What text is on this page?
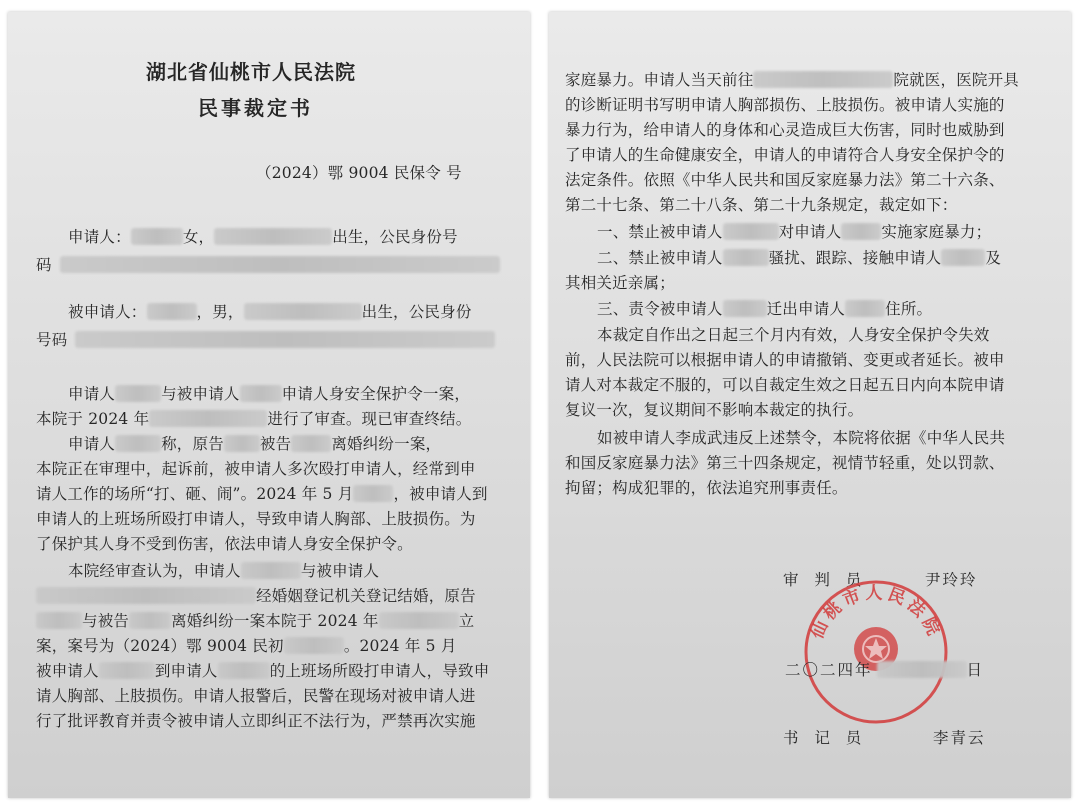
湖北省仙桃市人民法院
民事裁定书
（2024）鄂 9004 民保令 号
申请人：	女，	出生，公民身份号
码
被申请人：	，男，	出生，公民身份
号码
申请人	与被申请人	申请人身安全保护令一案，
本院于 2024 年	进行了审查。现已审查终结。
申请人	称，原告 被告	离婚纠纷一案，
本院正在审理中，起诉前，被申请人多次殴打申请人，经常到申
请人工作的场所“打、砸、闹”。2024 年 5 月	，被申请人到
申请人的上班场所殴打申请人，导致申请人胸部、上肢损伤。为
了保护其人身不受到伤害，依法申请人身安全保护令。
本院经审查认为，申请人	与被申请人
经婚姻登记机关登记结婚，原告
与被告	离婚纠纷一案本院于 2024 年	立
案，案号为（2024）鄂 9004 民初	。2024 年 5 月
被申请人	到申请人	的上班场所殴打申请人，导致申
请人胸部、上肢损伤。申请人报警后，民警在现场对被申请人进
行了批评教育并责令被申请人立即纠正不法行为，严禁再次实施
家庭暴力。申请人当天前往	院就医，医院开具
的诊断证明书写明申请人胸部损伤、上肢损伤。被申请人实施的
暴力行为，给申请人的身体和心灵造成巨大伤害，同时也威胁到
了申请人的生命健康安全，申请人的申请符合人身安全保护令的
法定条件。依照《中华人民共和国反家庭暴力法》第二十六条、
第二十七条、第二十八条、第二十九条规定，裁定如下：
一、禁止被申请人	对申请人	实施家庭暴力；
二、禁止被申请人	骚扰、跟踪、接触申请人	及
其相关近亲属；
三、责令被申请人	迁出申请人	住所。
本裁定自作出之日起三个月内有效，人身安全保护令失效
前，人民法院可以根据申请人的申请撤销、变更或者延长。被申
请人对本裁定不服的，可以自裁定生效之日起五日内向本院申请
复议一次，复议期间不影响本裁定的执行。
如被申请人李成武违反上述禁令，本院将依据《中华人民共
和国反家庭暴力法》第三十四条规定，视情节轻重，处以罚款、
拘留；构成犯罪的，依法追究刑事责任。
审　判　员	尹玲玲
仙桃市人民法院
二〇二四年	日
书　记　员	李青云
